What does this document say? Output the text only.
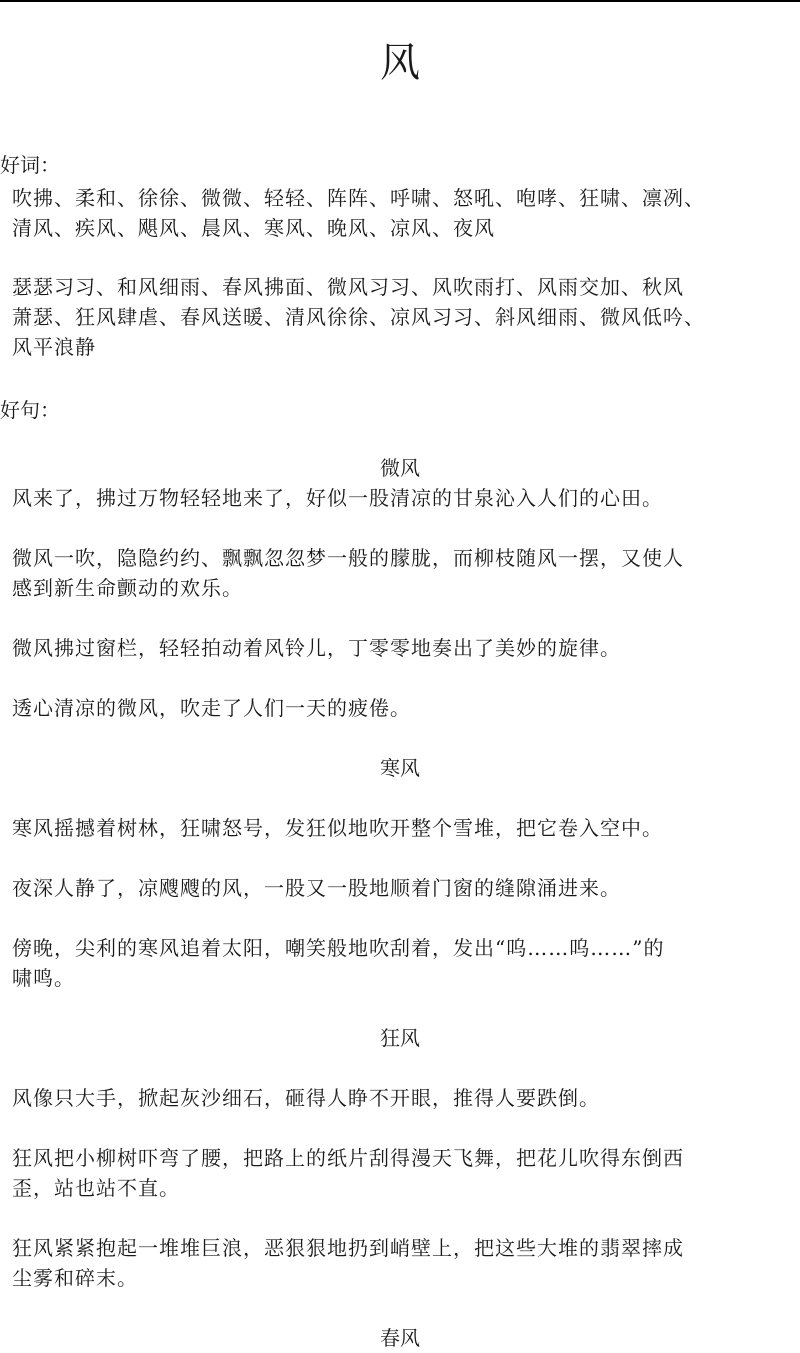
风
好词：
吹拂、柔和、徐徐、微微、轻轻、阵阵、呼啸、怒吼、咆哮、狂啸、凛冽、
清风、疾风、飓风、晨风、寒风、晚风、凉风、夜风
瑟瑟习习、和风细雨、春风拂面、微风习习、风吹雨打、风雨交加、秋风
萧瑟、狂风肆虐、春风送暖、清风徐徐、凉风习习、斜风细雨、微风低吟、
风平浪静
好句：
微风
风来了，拂过万物轻轻地来了，好似一股清凉的甘泉沁入人们的心田。
微风一吹，隐隐约约、飘飘忽忽梦一般的朦胧，而柳枝随风一摆，又使人
感到新生命颤动的欢乐。
微风拂过窗栏，轻轻拍动着风铃儿，丁零零地奏出了美妙的旋律。
透心清凉的微风，吹走了人们一天的疲倦。
寒风
寒风摇撼着树林，狂啸怒号，发狂似地吹开整个雪堆，把它卷入空中。
夜深人静了，凉飕飕的风，一股又一股地顺着门窗的缝隙涌进来。
傍晚，尖利的寒风追着太阳，嘲笑般地吹刮着，发出“呜……呜……”的
啸鸣。
狂风
风像只大手，掀起灰沙细石，砸得人睁不开眼，推得人要跌倒。
狂风把小柳树吓弯了腰，把路上的纸片刮得漫天飞舞，把花儿吹得东倒西
歪，站也站不直。
狂风紧紧抱起一堆堆巨浪，恶狠狠地扔到峭壁上，把这些大堆的翡翠摔成
尘雾和碎末。
春风
